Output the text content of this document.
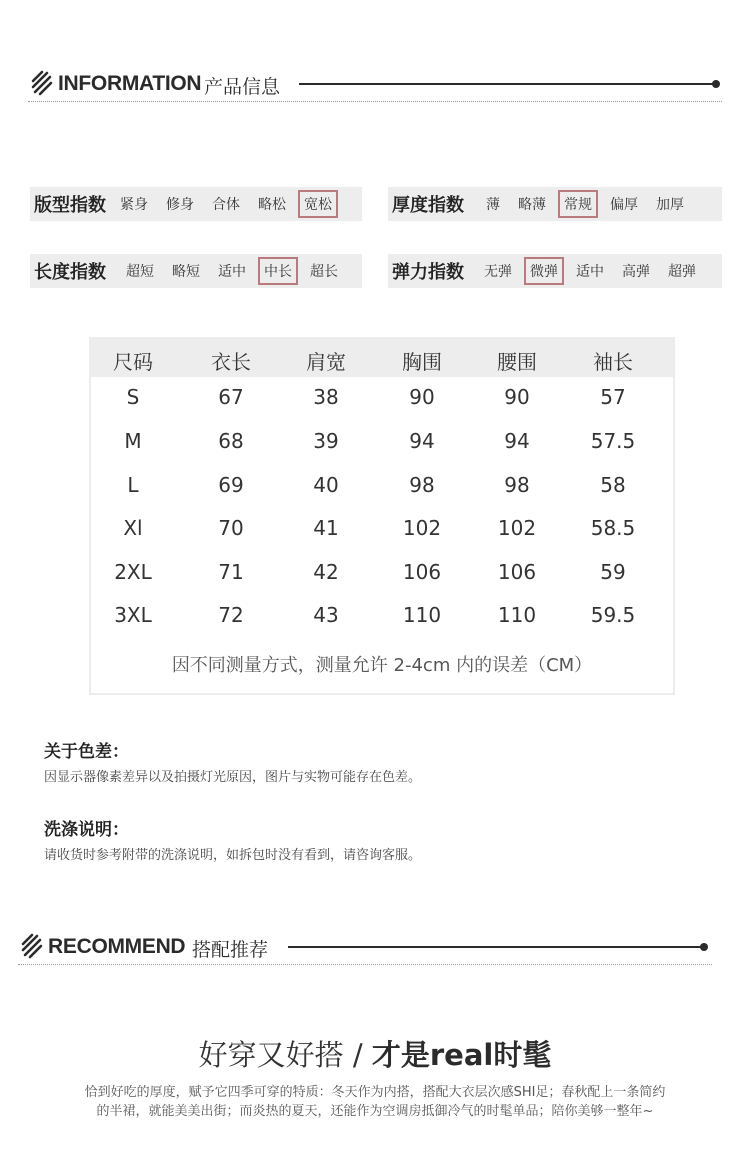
INFORMATION 产品信息
版型指数	紧身	修身	合体	略松	宽松	厚度指数	薄	略薄	常规	偏厚	加厚
长度指数	超短	略短	适中	中长	超长	弹力指数	无弹	微弹	适中	高弹	超弹
尺码	衣长	肩宽	胸围	腰围	袖长
S	67	38	90	90	57
M	68	39	94	94	57.5
L	69	40	98	98	58
Xl	70	41	102	102	58.5
2XL	71	42	106	106	59
3XL	72	43	110	110	59.5
因不同测量方式，测量允许 2-4cm 内的误差（CM）
关于色差：
因显示器像素差异以及拍摄灯光原因，图片与实物可能存在色差。
洗涤说明：
请收货时参考附带的洗涤说明，如拆包时没有看到，请咨询客服。
RECOMMEND 搭配推荐
好穿又好搭 / 才是real时髦
恰到好吃的厚度，赋予它四季可穿的特质：冬天作为内搭，搭配大衣层次感SHI足；春秋配上一条简约
的半裙，就能美美出街；而炎热的夏天，还能作为空调房抵御冷气的时髦单品；陪你美够一整年~
